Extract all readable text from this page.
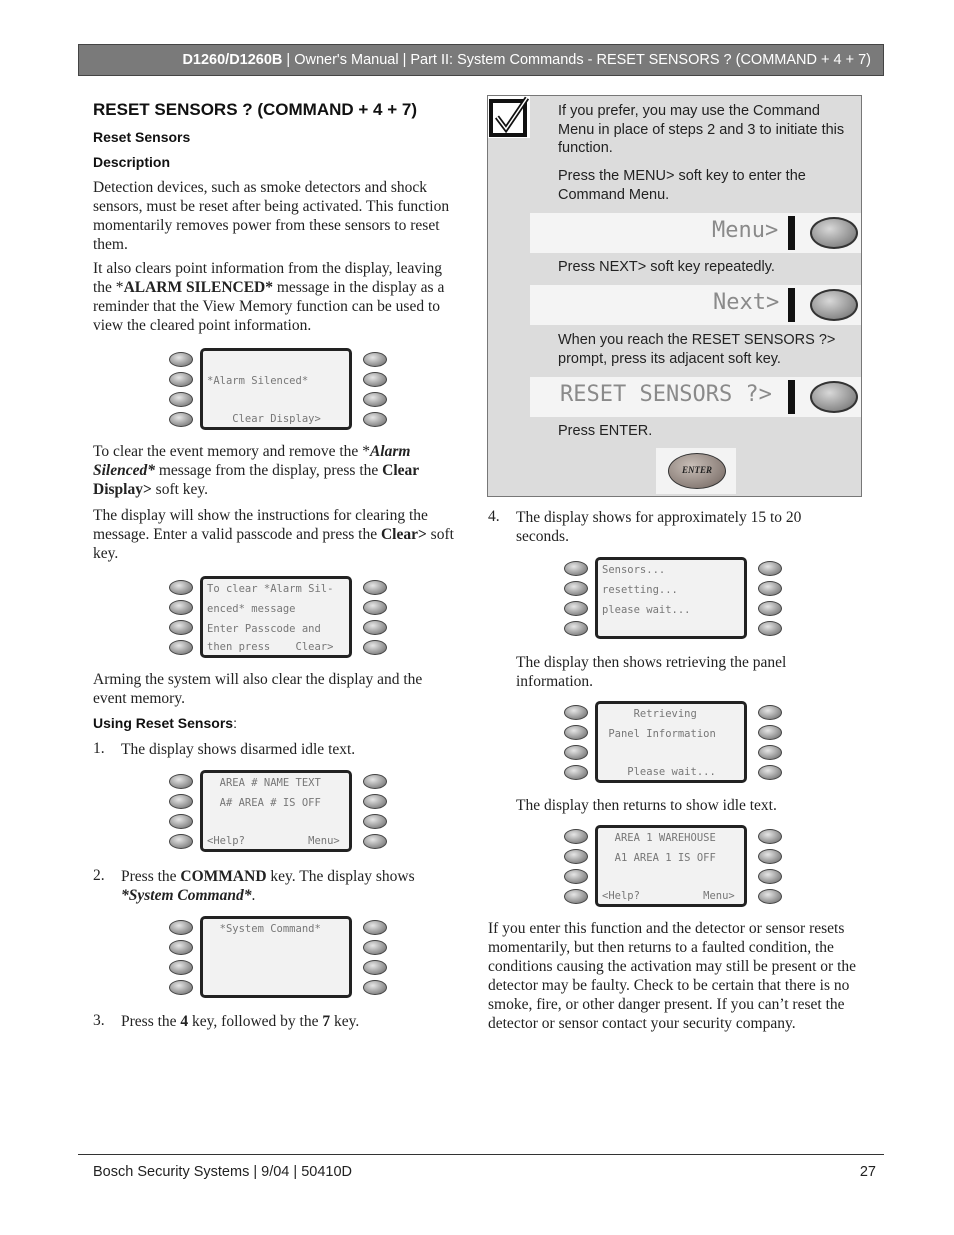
D1260/D1260B | Owner's Manual | Part II: System Commands - RESET SENSORS ? (COMMAND + 4 + 7)
RESET SENSORS ? (COMMAND + 4 + 7)
Reset Sensors
Description
Detection devices, such as smoke detectors and shock sensors, must be reset after being activated. This function momentarily removes power from these sensors to reset them.
It also clears point information from the display, leaving the *ALARM SILENCED* message in the display as a reminder that the View Memory function can be used to view the cleared point information.
*Alarm Silenced*
Clear Display>
To clear the event memory and remove the *Alarm Silenced* message from the display, press the Clear Display> soft key.
The display will show the instructions for clearing the message. Enter a valid passcode and press the Clear> soft key.
To clear *Alarm Sil-
enced* message
Enter Passcode and
then press    Clear>
Arming the system will also clear the display and the event memory.
Using Reset Sensors:
1. The display shows disarmed idle text.
AREA # NAME TEXT
A# AREA # IS OFF
<Help?          Menu>
2. Press the COMMAND key. The display shows *System Command*.
*System Command*
3. Press the 4 key, followed by the 7 key.
If you prefer, you may use the Command Menu in place of steps 2 and 3 to initiate this function.
Press the MENU> soft key to enter the Command Menu.
Menu>
Press NEXT> soft key repeatedly.
Next>
When you reach the RESET SENSORS ?> prompt, press its adjacent soft key.
RESET SENSORS ?>
Press ENTER.
ENTER
4. The display shows for approximately 15 to 20 seconds.
Sensors...
resetting...
please wait...
The display then shows retrieving the panel information.
Retrieving
Panel Information
Please wait...
The display then returns to show idle text.
AREA 1 WAREHOUSE
A1 AREA 1 IS OFF
<Help?          Menu>
If you enter this function and the detector or sensor resets momentarily, but then returns to a faulted condition, the conditions causing the activation may still be present or the detector may be faulty. Check to be certain that there is no smoke, fire, or other danger present. If you can’t reset the detector or sensor contact your security company.
Bosch Security Systems | 9/04 | 50410D	27
